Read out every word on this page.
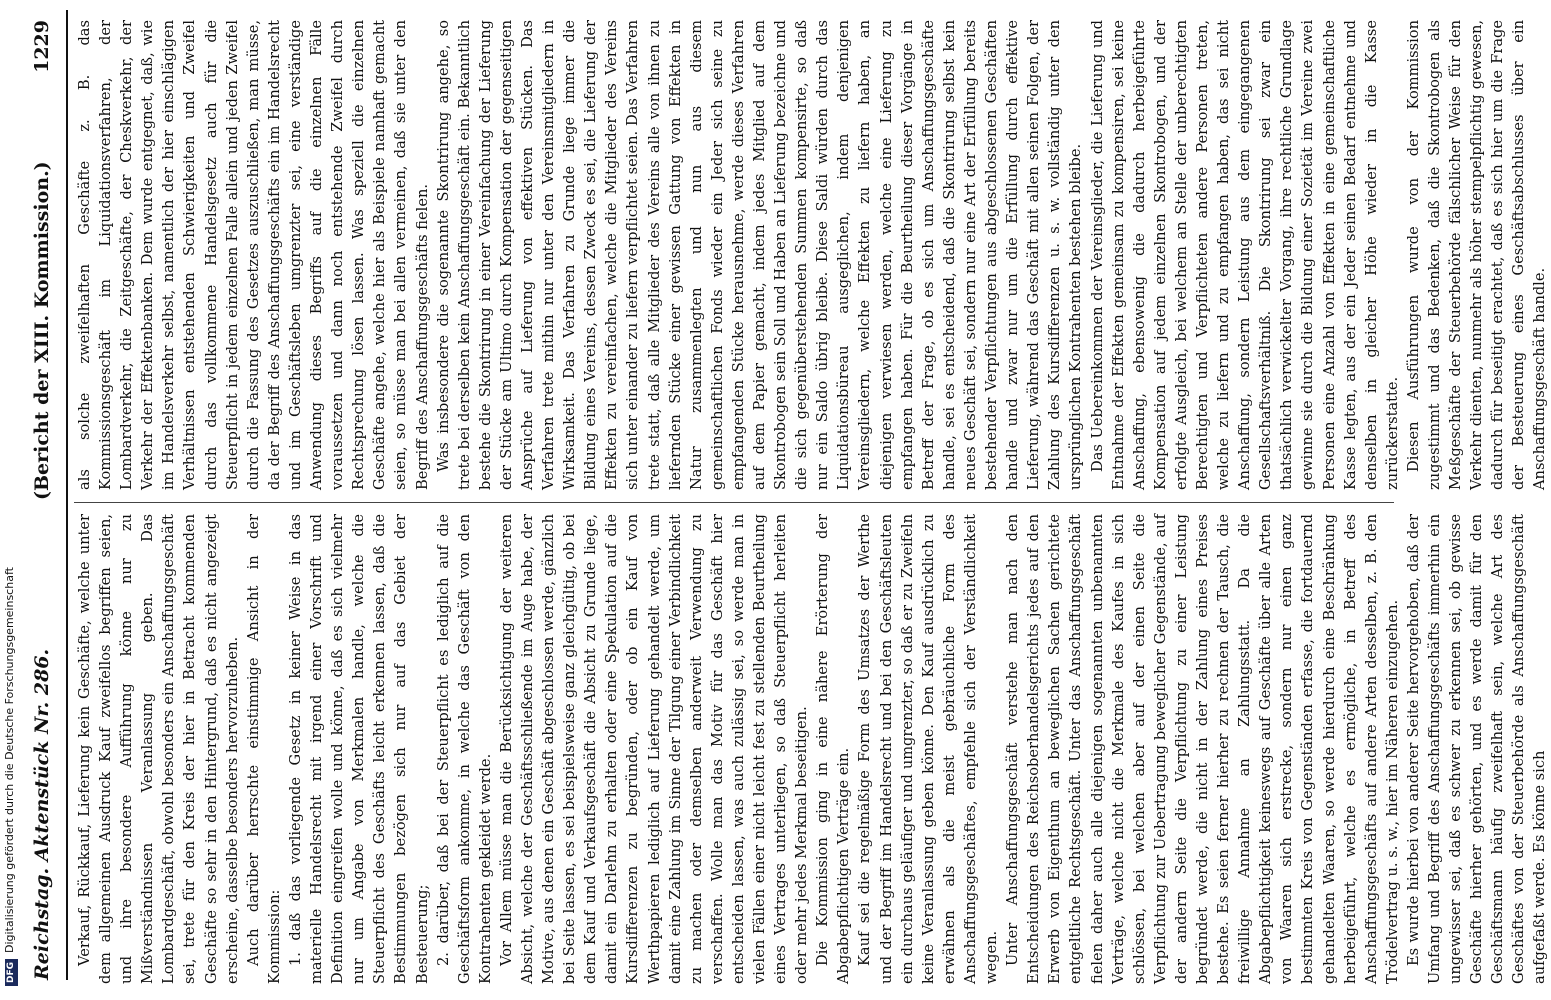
DFGDigitalisierung gefördert durch die Deutsche Forschungsgemeinschaft Reichstag. Aktenstück Nr. 286.
(Bericht der XIII. Kommission.)
1229

Verkauf, Rückkauf, Lieferung kein Geschäfte, welche unter dem allgemeinen Ausdruck Kauf zweifellos begriffen seien, und ihre besondere Aufführung könne nur zu Mißverständnissen Veranlassung geben. Das Lombardgeschäft, obwohl besonders ein Anschaffungsgeschäft sei, trete für den Kreis der hier in Betracht kommenden Geschäfte so sehr in den Hintergrund, daß es nicht angezeigt erscheine, dasselbe besonders hervorzuheben. Auch darüber herrschte einstimmige Ansicht in der Kommission: 1. daß das vorliegende Gesetz in keiner Weise in das materielle Handelsrecht mit irgend einer Vorschrift und Definition eingreifen wolle und könne, daß es sich vielmehr nur um Angabe von Merkmalen handle, welche die Steuerpflicht des Geschäfts leicht erkennen lassen, daß die Bestimmungen bezögen sich nur auf das Gebiet der Besteuerung; 2. darüber, daß bei der Steuerpflicht es lediglich auf die Geschäftsform ankomme, in welche das Geschäft von den Kontrahenten gekleidet werde. Vor Allem müsse man die Berücksichtigung der weiteren Absicht, welche der Geschäftsschließende im Auge habe, der Motive, aus denen ein Geschäft abgeschlossen werde, gänzlich bei Seite lassen, es sei beispielsweise ganz gleichgültig, ob bei dem Kauf und Verkaufsgeschäft die Absicht zu Grunde liege, damit ein Darlehn zu erhalten oder eine Spekulation auf die Kursdifferenzen zu begründen, oder ob ein Kauf von Werthpapieren lediglich auf Lieferung gehandelt werde, um damit eine Zahlung im Sinne der Tilgung einer Verbindlichkeit zu machen oder demselben anderweit Verwendung zu verschaffen. Wolle man das Motiv für das Geschäft hier entscheiden lassen, was auch zulässig sei, so werde man in vielen Fällen einer nicht leicht fest zu stellenden Beurtheilung eines Vertrages unterliegen, so daß Steuerpflicht herleiten oder mehr jedes Merkmal beseitigen. Die Kommission ging in eine nähere Erörterung der Abgabepflichtigen Verträge ein. Kauf sei die regelmäßige Form des Umsatzes der Werthe und der Begriff im Handelsrecht und bei den Geschäftsleuten ein durchaus geläufiger und umgrenzter, so daß er zu Zweifeln keine Veranlassung geben könne. Den Kauf ausdrücklich zu erwähnen als die meist gebräuchliche Form des Anschaffungsgeschäftes, empfehle sich der Verständlichkeit wegen. Unter Anschaffungsgeschäft verstehe man nach den Entscheidungen des Reichsoberhandelsgerichts jedes auf den Erwerb von Eigenthum an beweglichen Sachen gerichtete entgeltliche Rechtsgeschäft. Unter das Anschaffungsgeschäft fielen daher auch alle diejenigen sogenannten unbenannten Verträge, welche nicht die Merkmale des Kaufes in sich schlössen, bei welchen aber auf der einen Seite die Verpflichtung zur Uebertragung beweglicher Gegenstände, auf der andern Seite die Verpflichtung zu einer Leistung begründet werde, die nicht in der Zahlung eines Preises bestehe. Es seien ferner hierher zu rechnen der Tausch, die freiwillige Annahme an Zahlungsstatt. Da die Abgabepflichtigkeit keineswegs auf Geschäfte über alle Arten von Waaren sich erstrecke, sondern nur einen ganz bestimmten Kreis von Gegenständen erfasse, die fortdauernd gehandelten Waaren, so werde hierdurch eine Beschränkung herbeigeführt, welche es ermögliche, in Betreff des Anschaffungsgeschäfts auf andere Arten desselben, z. B. den Trödelvertrag u. s. w., hier im Näheren einzugehen. Es wurde hierbei von anderer Seite hervorgehoben, daß der Umfang und Begriff des Anschaffungsgeschäfts immerhin ein ungewisser sei, daß es schwer zu erkennen sei, ob gewisse Geschäfte hierher gehörten, und es werde damit für den Geschäftsmann häufig zweifelhaft sein, welche Art des Geschäftes von der Steuerbehörde als Anschaffungsgeschäft aufgefaßt werde. Es könne sich

als solche zweifelhaften Geschäfte z. B. das Kommissionsgeschäft im Liquidationsverfahren, der Lombardverkehr, die Zeitgeschäfte, der Cheskverkehr, der Verkehr der Effektenbanken. Dem wurde entgegnet, daß, wie im Handelsverkehr selbst, namentlich der hier einschlägigen Verhältnissen entstehenden Schwierigkeiten und Zweifel durch das vollkommene Handelsgesetz auch für die Steuerpflicht in jedem einzelnen Falle allein und jeden Zweifel durch die Fassung des Gesetzes auszuschließen, man müsse, da der Begriff des Anschaffungsgeschäfts ein im Handelsrecht und im Geschäftsleben umgrenzter sei, eine verständige Anwendung dieses Begriffs auf die einzelnen Fälle voraussetzen und dann noch entstehende Zweifel durch Rechtsprechung lösen lassen. Was speziell die einzelnen Geschäfte angehe, welche hier als Beispiele namhaft gemacht seien, so müsse man bei allen vermeinen, daß sie unter den Begriff des Anschaffungsgeschäfts fielen. Was insbesondere die sogenannte Skontrirung angehe, so trete bei derselben kein Anschaffungsgeschäft ein. Bekanntlich bestehe die Skontrirung in einer Vereinfachung der Lieferung der Stücke am Ultimo durch Kompensation der gegenseitigen Ansprüche auf Lieferung von effektiven Stücken. Das Verfahren trete mithin nur unter den Vereinsmitgliedern in Wirksamkeit. Das Verfahren zu Grunde liege immer die Bildung eines Vereins, dessen Zweck es sei, die Lieferung der Effekten zu vereinfachen, welche die Mitglieder des Vereins sich unter einander zu liefern verpflichtet seien. Das Verfahren trete statt, daß alle Mitglieder des Vereins alle von ihnen zu liefernden Stücke einer gewissen Gattung von Effekten in Natur zusammenlegten und nun aus diesem gemeinschaftlichen Fonds wieder ein Jeder sich seine zu empfangenden Stücke herausnehme, werde dieses Verfahren auf dem Papier gemacht, indem jedes Mitglied auf dem Skontrobogen sein Soll und Haben an Lieferung bezeichne und die sich gegenüberstehenden Summen kompensirte, so daß nur ein Saldo übrig bleibe. Diese Saldi würden durch das Liquidationsbüreau ausgeglichen, indem denjenigen Vereinsgliedern, welche Effekten zu liefern haben, an diejenigen verwiesen werden, welche eine Lieferung zu empfangen haben. Für die Beurtheilung dieser Vorgänge in Betreff der Frage, ob es sich um Anschaffungsgeschäfte handle, sei es entscheidend, daß die Skontrirung selbst kein neues Geschäft sei, sondern nur eine Art der Erfüllung bereits bestehender Verpflichtungen aus abgeschlossenen Geschäften handle und zwar nur um die Erfüllung durch effektive Lieferung, während das Geschäft mit allen seinen Folgen, der Zahlung des Kursdifferenzen u. s. w. vollständig unter den ursprünglichen Kontrahenten bestehen bleibe. Das Uebereinkommen der Vereinsglieder, die Lieferung und Entnahme der Effekten gemeinsam zu kompensiren, sei keine Anschaffung, ebensowenig die dadurch herbeigeführte Kompensation auf jedem einzelnen Skontrobogen, und der erfolgte Ausgleich, bei welchem an Stelle der unberechtigten Berechtigten und Verpflichteten andere Personen treten, welche zu liefern und zu empfangen haben, das sei nicht Anschaffung, sondern Leistung aus dem eingegangenen Gesellschaftsverhältniß. Die Skontrirung sei zwar ein thatsächlich verwickelter Vorgang, ihre rechtliche Grundlage gewinne sie durch die Bildung einer Sozietät im Vereine zwei Personen eine Anzahl von Effekten in eine gemeinschaftliche Kasse legten, aus der ein Jeder seinen Bedarf entnehme und denselben in gleicher Höhe wieder in die Kasse zurückerstatte. Diesen Ausführungen wurde von der Kommission zugestimmt und das Bedenken, daß die Skontrobogen als Meßgeschäfte der Steuerbehörde fälschlicher Weise für den Verkehr dienten, nunmehr als höher stempelpflichtig gewesen, dadurch für beseitigt erachtet, daß es sich hier um die Frage der Besteuerung eines Geschäftsabschlusses über ein Anschaffungsgeschäft handle.
